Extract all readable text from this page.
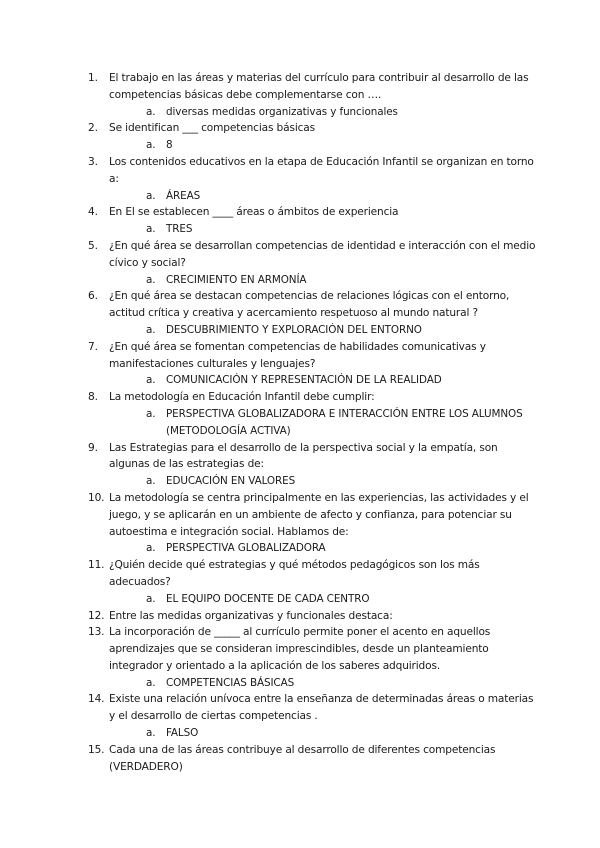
1.	El trabajo en las áreas y materias del currículo para contribuir al desarrollo de las competencias básicas debe complementarse con ….
a. diversas medidas organizativas y funcionales
2.	Se identifican ___ competencias básicas
a. 8
3.	Los contenidos educativos en la etapa de Educación Infantil se organizan en torno a:
a. ÁREAS
4.	En El se establecen ____ áreas o ámbitos de experiencia
a. TRES
5.	¿En qué área se desarrollan competencias de identidad e interacción con el medio cívico y social?
a. CRECIMIENTO EN ARMONÍA
6.	¿En qué área se destacan competencias de relaciones lógicas con el entorno, actitud crítica y creativa y acercamiento respetuoso al mundo natural ?
a. DESCUBRIMIENTO Y EXPLORACIÓN DEL ENTORNO
7.	¿En qué área se fomentan competencias de habilidades comunicativas y manifestaciones culturales y lenguajes?
a. COMUNICACIÓN Y REPRESENTACIÓN DE LA REALIDAD
8.	La metodología en Educación Infantil debe cumplir:
a. PERSPECTIVA GLOBALIZADORA E INTERACCIÓN ENTRE LOS ALUMNOS (METODOLOGÍA ACTIVA)
9.	Las Estrategias para el desarrollo de la perspectiva social y la empatía, son algunas de las estrategias de:
a. EDUCACIÓN EN VALORES
10. La metodología se centra principalmente en las experiencias, las actividades y el juego, y se aplicarán en un ambiente de afecto y confianza, para potenciar su autoestima e integración social. Hablamos de:
a. PERSPECTIVA GLOBALIZADORA
11. ¿Quién decide qué estrategias y qué métodos pedagógicos son los más adecuados?
a. EL EQUIPO DOCENTE DE CADA CENTRO
12. Entre las medidas organizativas y funcionales destaca:
13. La incorporación de _____ al currículo permite poner el acento en aquellos aprendizajes que se consideran imprescindibles, desde un planteamiento integrador y orientado a la aplicación de los saberes adquiridos.
a. COMPETENCIAS BÁSICAS
14. Existe una relación unívoca entre la enseñanza de determinadas áreas o materias y el desarrollo de ciertas competencias .
a. FALSO
15. Cada una de las áreas contribuye al desarrollo de diferentes competencias (VERDADERO)
